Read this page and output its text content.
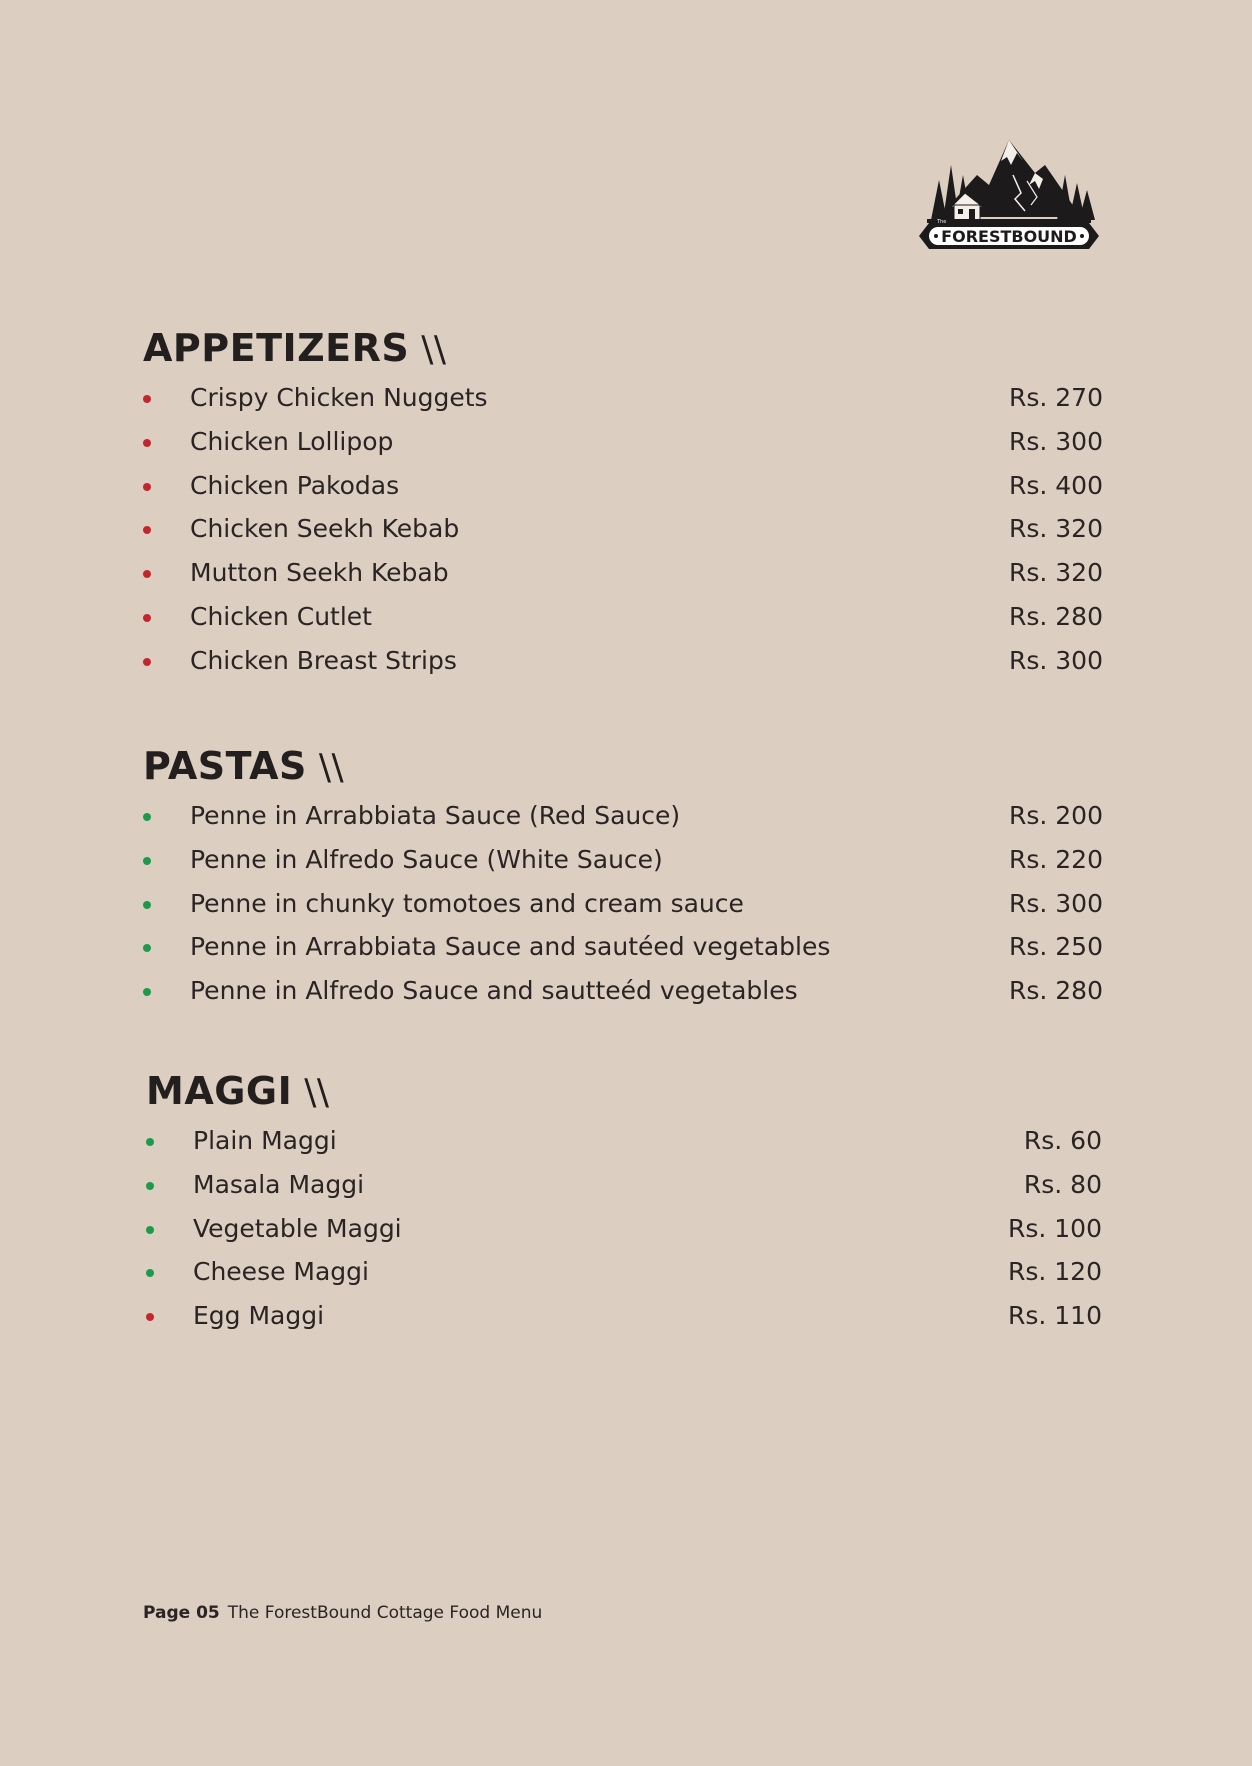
FORESTBOUND
The
APPETIZERS \\
Crispy Chicken Nuggets	Rs. 270
Chicken Lollipop	Rs. 300
Chicken Pakodas	Rs. 400
Chicken Seekh Kebab	Rs. 320
Mutton Seekh Kebab	Rs. 320
Chicken Cutlet	Rs. 280
Chicken Breast Strips	Rs. 300
PASTAS \\
Penne in Arrabbiata Sauce (Red Sauce)	Rs. 200
Penne in Alfredo Sauce (White Sauce)	Rs. 220
Penne in chunky tomotoes and cream sauce	Rs. 300
Penne in Arrabbiata Sauce and sautéed vegetables	Rs. 250
Penne in Alfredo Sauce and sautteéd vegetables	Rs. 280
MAGGI \\
Plain Maggi	Rs. 60
Masala Maggi	Rs. 80
Vegetable Maggi	Rs. 100
Cheese Maggi	Rs. 120
Egg Maggi	Rs. 110
Page 05 The ForestBound Cottage Food Menu
